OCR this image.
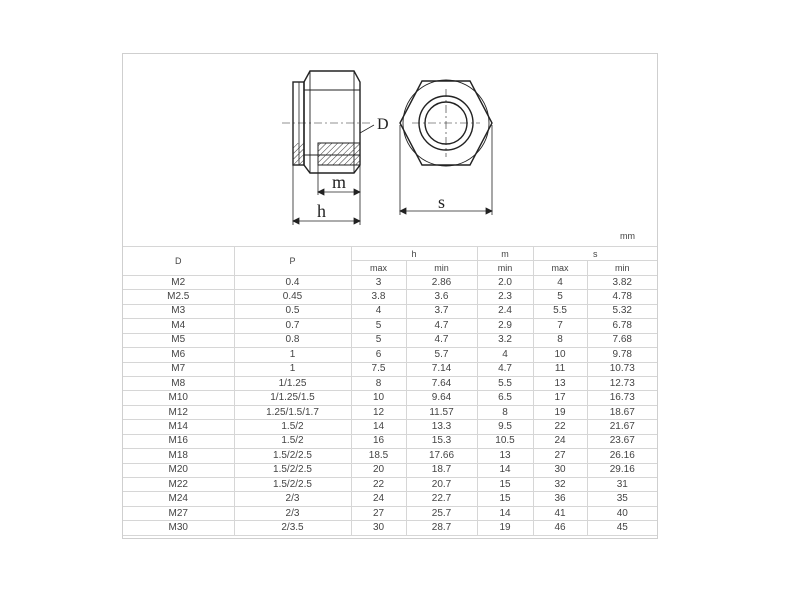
D
m
h	s
mm
D	P	h		m	s	
		max	min	min	max	min
M2	0.4	3	2.86	2.0	4	3.82
M2.5	0.45	3.8	3.6	2.3	5	4.78
M3	0.5	4	3.7	2.4	5.5	5.32
M4	0.7	5	4.7	2.9	7	6.78
M5	0.8	5	4.7	3.2	8	7.68
M6	1	6	5.7	4	10	9.78
M7	1	7.5	7.14	4.7	11	10.73
M8	1/1.25	8	7.64	5.5	13	12.73
M10	1/1.25/1.5	10	9.64	6.5	17	16.73
M12	1.25/1.5/1.7	12	11.57	8	19	18.67
M14	1.5/2	14	13.3	9.5	22	21.67
M16	1.5/2	16	15.3	10.5	24	23.67
M18	1.5/2/2.5	18.5	17.66	13	27	26.16
M20	1.5/2/2.5	20	18.7	14	30	29.16
M22	1.5/2/2.5	22	20.7	15	32	31
M24	2/3	24	22.7	15	36	35
M27	2/3	27	25.7	14	41	40
M30	2/3.5	30	28.7	19	46	45
